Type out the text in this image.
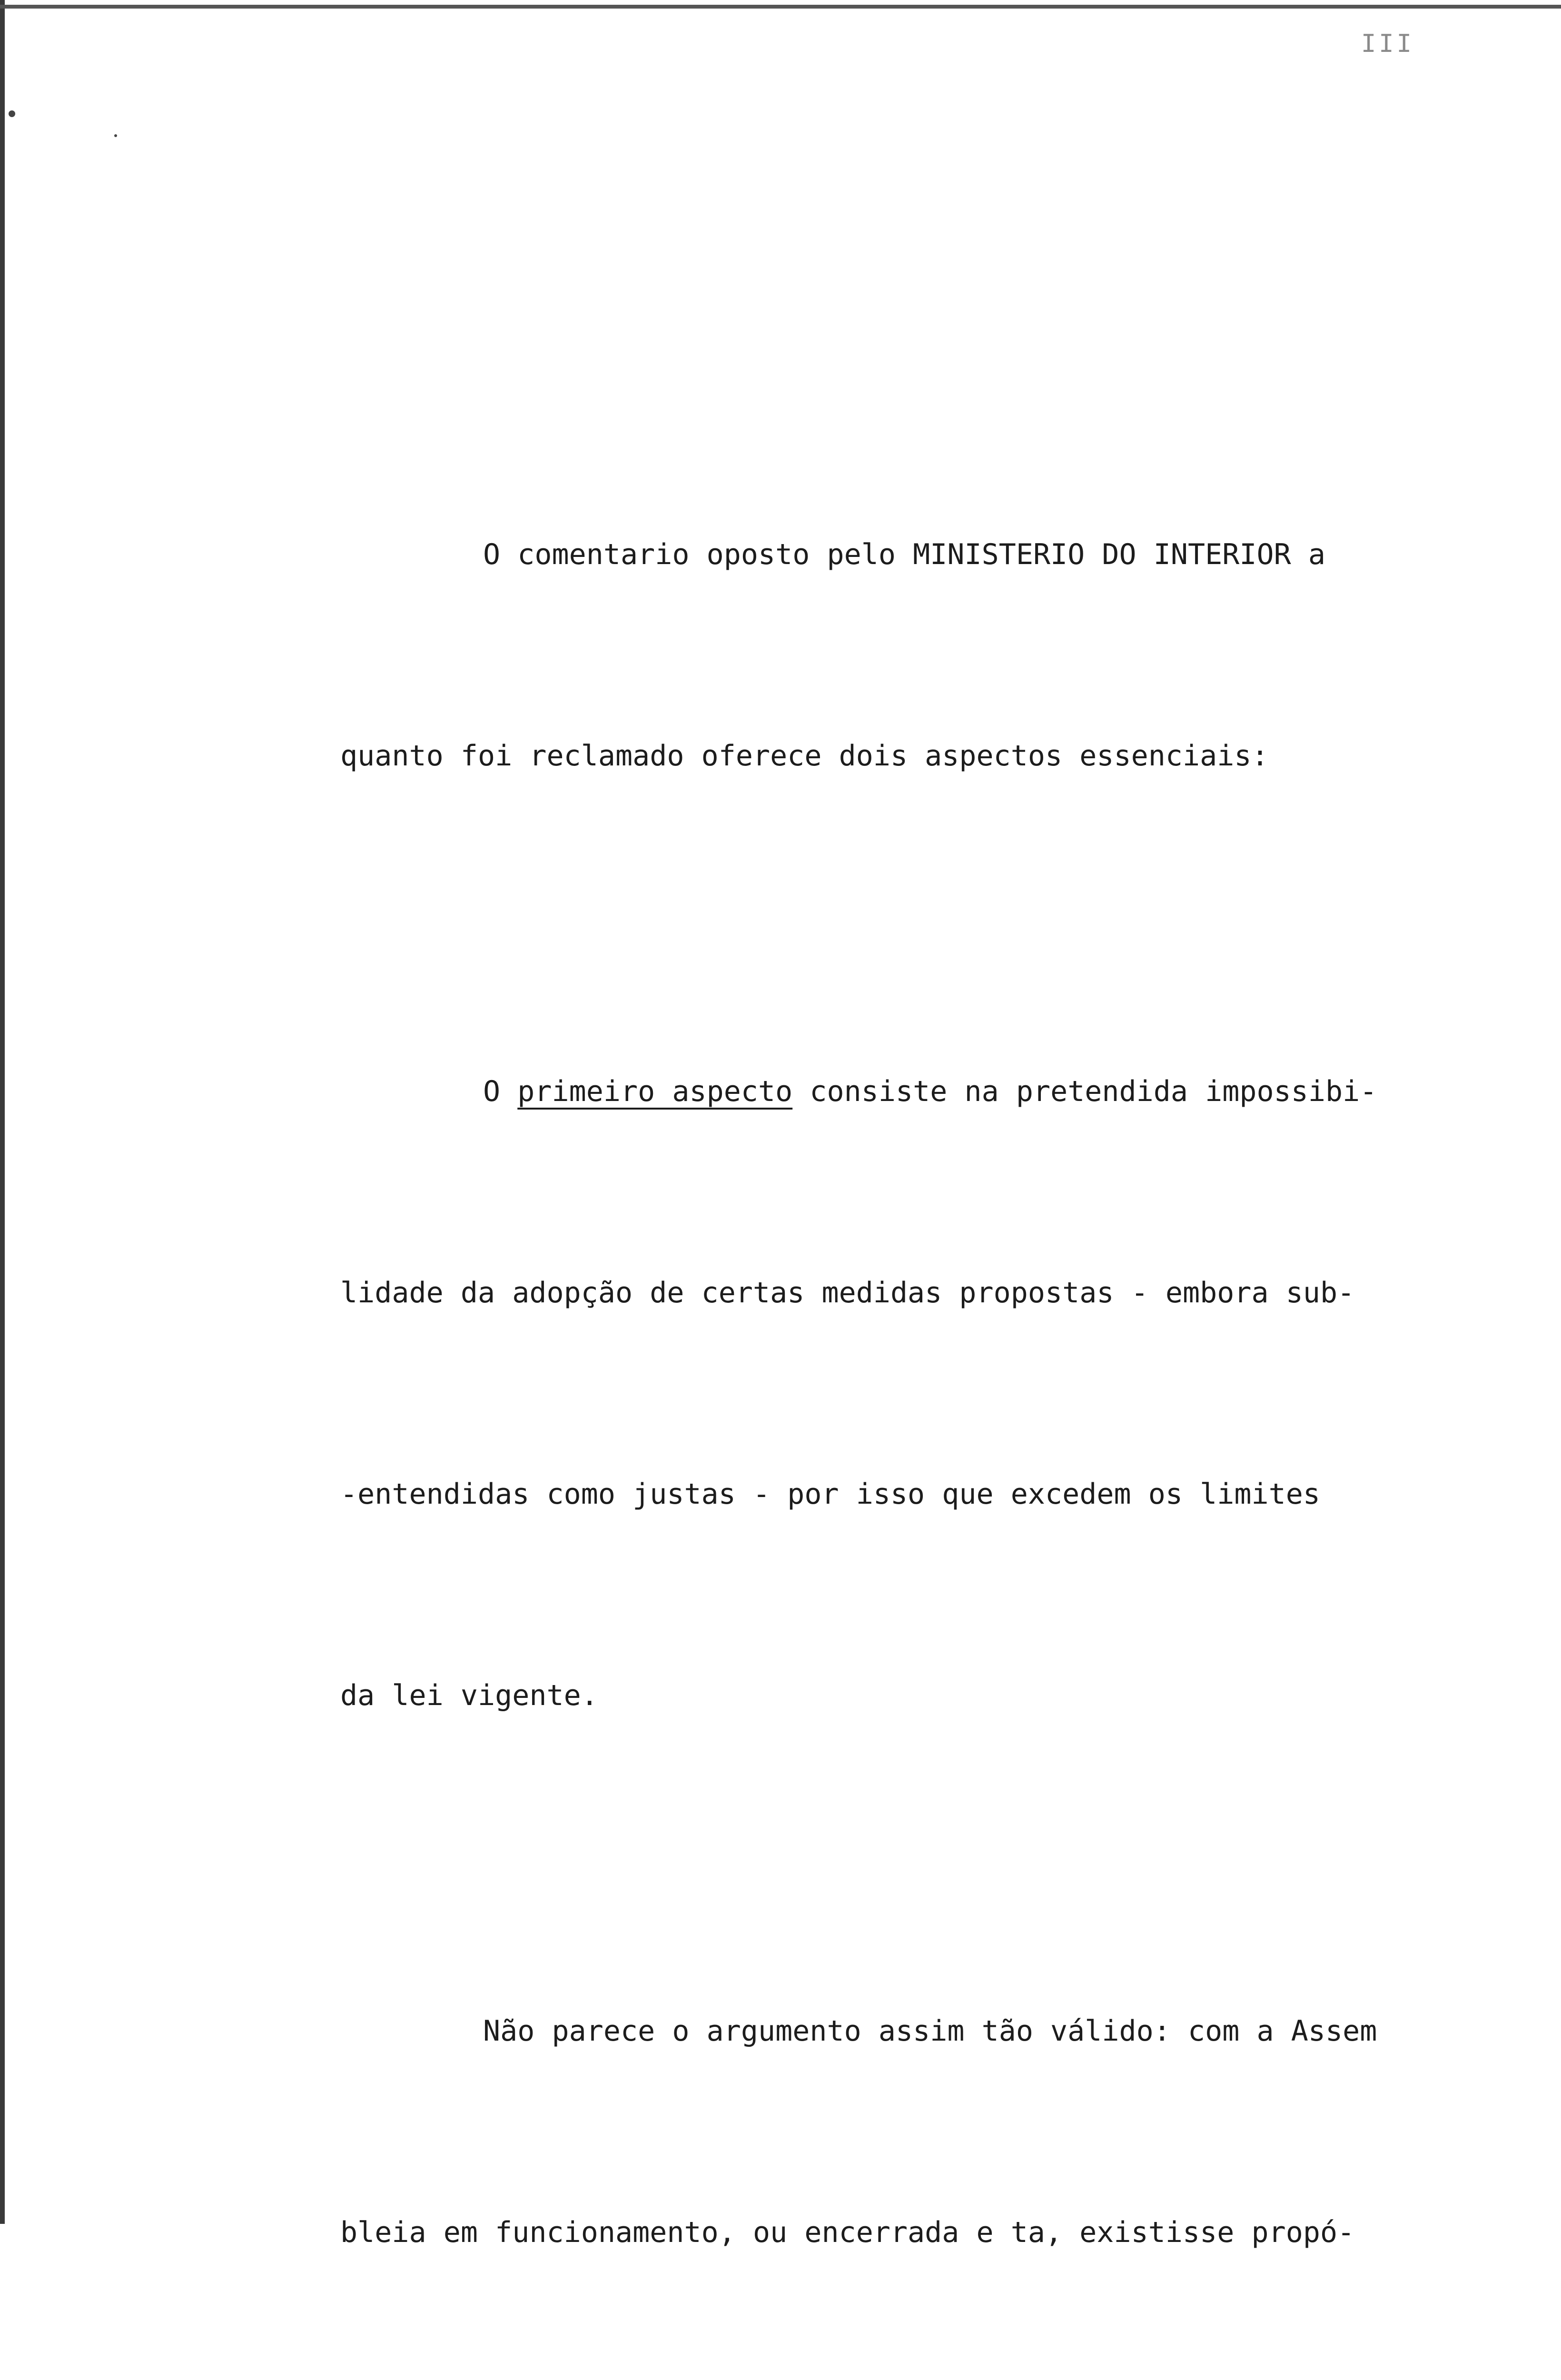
III

O comentario oposto pelo MINISTERIO DO INTERIOR a

quanto foi reclamado oferece dois aspectos essenciais:

O primeiro aspecto consiste na pretendida impossibi-

lidade da adopção de certas medidas propostas - embora sub-

-entendidas como justas - por isso que excedem os limites

da lei vigente.

Não parece o argumento assim tão válido: com a Assem

bleia em funcionamento, ou encerrada e ta, existisse propó-
